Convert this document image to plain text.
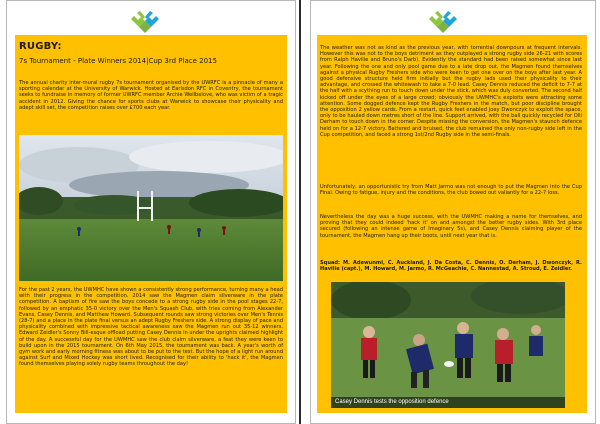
RUGBY:
7s Tournament - Plate Winners 2014|Cup 3rd Place 2015
The annual charity inter-mural rugby 7s tournament organised by the UWRFC is a pinnacle of many a sporting calendar at the University of Warwick. Hosted at Earlsdon RFC in Coventry, the tournament seeks to fundraise in memory of former UWRFC member Archie Wellbelove, who was victim of a tragic accident in 2012. Giving the chance for sports clubs at Warwick to showcase their physicality and adept skill set, the competition raises over £700 each year.
For the past 2 years, the UWMHC have shown a consistently strong performance, turning many a head with their progress in the competition. 2014 saw the Magmen claim silverware in the plate competition. A baptism of fire saw the boys concede to a strong rugby side in the pool stages 22-7, followed by an emphatic 35-0 victory over the Men's Squash Club, with tries coming from Alexander Evans, Casey Dennis, and Matthew Howard. Subsequent rounds saw strong victories over Men's Tennis (28-7) and a place in the plate final versus an adept Rugby Freshers side. A strong display of pace and physicality combined with impressive tactical awareness saw the Magmen run out 35-12 winners. Edward Zeidler's Sonny Bill-esque offload putting Casey Dennis in under the uprights claimed highlight of the day. A successful day for the UWMHC saw the club claim silverware, a feat they were keen to build upon in the 2015 tournament. On 6th May 2015, the tournament was back. A year's worth of gym work and early morning fitness was about to be put to the test. But the hope of a light run around against Surf and Mixed Hockey was short lived. Recognised for their ability to 'hack it', the Magmen found themselves playing solely rugby teams throughout the day!
The weather was not as kind as the previous year, with torrential downpours at frequent intervals. However this was not to the boys detriment as they outplayed a strong rugby side 26-21 with scores from Ralph Havilie and Bruno's Darb). Evidently the standard had been raised somewhat since last year. Following the one and only pool game due to a late drop out, the Magmen found themselves against a physical Rugby Freshers side who were keen to get one over on the boys after last year. A good defensive structure held firm initially but the rugby lads used their physicality to their advantage, and crossed the whitewash to take a 7-0 lead. Casey Dennis reduced the deficit to 7-7 at the half with a scything run to touch down under the stick, which was duly converted. The second half kicked off under the eyes of a large crowd; obviously the UWMHC's exploits were attracting some attention. Some dogged defence kept the Rugby Freshers in the match, but poor discipline brought the opposition 2 yellow cards. From a restart, quick feet enabled Joey Dwonczyk to exploit the space, only to be hauled down metres short of the line. Support arrived, with the ball quickly recycled for Olli Derham to touch down in the corner. Despite missing the conversion, the Magmen's staunch defence held on for a 12-7 victory. Battered and bruised, the club remained the only non-rugby side left in the Cup competition, and faced a strong 1st/2nd Rugby side in the semi-finals.
Unfortunately, an opportunistic try from Matt Jarmo was not enough to put the Magmen into the Cup Final. Owing to fatigue, injury and the conditions, the club bowed out valiantly for a 22-7 loss.
Nevertheless the day was a huge success, with the UWMHC making a name for themselves, and proving that they could indeed 'hack it' on and amongst the better rugby sides. With 3rd place secured (following an intense game of Imaginary 5s), and Casey Dennis claiming player of the tournament, the Magmen hang up their boots, until next year that is.
Squad: M. Adewunmi, C. Auckland, J. Da Costa, C. Dennis, O. Derham, J. Dwonczyk, R. Havilie (capt.), M. Howard, M. Jarmo, R. McGeachie, C. Nannestad, A. Stroud, E. Zeidler.
Casey Dennis tests the opposition defence
